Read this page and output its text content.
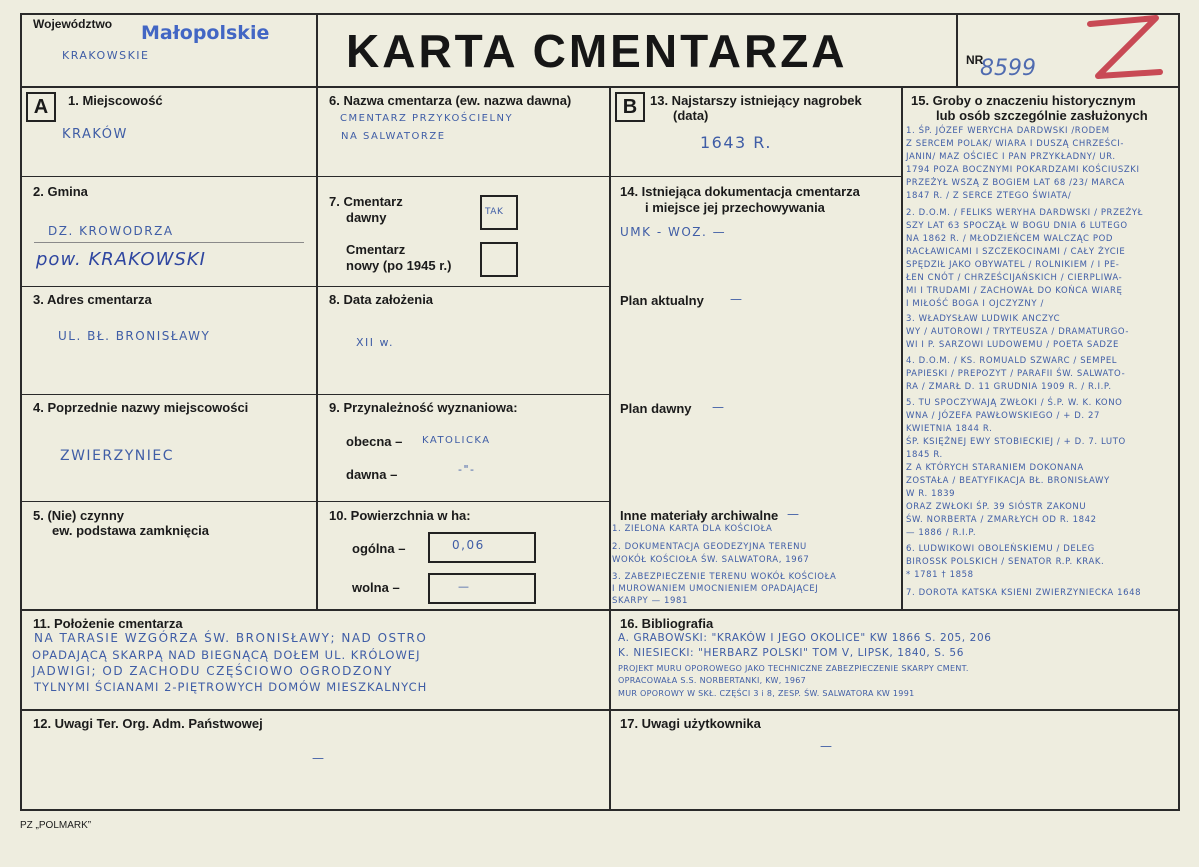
Województwo Małopolskie
KRAKOWSKIE	KARTA CMENTARZA	NR
8599
A	1. Miejscowość
KRAKÓW
2. Gmina
DZ. KROWODRZA
pow. KRAKOWSKI
3. Adres cmentarza
UL. BŁ. BRONISŁAWY
4. Poprzednie nazwy miejscowości
ZWIERZYNIEC
5. (Nie) czynny
ew. podstawa zamknięcia
6. Nazwa cmentarza (ew. nazwa dawna)
CMENTARZ PRZYKOŚCIELNY
NA SALWATORZE
7. Cmentarz
dawny	TAK
Cmentarz
nowy (po 1945 r.)
8. Data założenia
XII w.
9. Przynależność wyznaniowa:
obecna – KATOLICKA
dawna –	-"-
10. Powierzchnia w ha:
ogólna –	0,06
wolna –	—
B 13. Najstarszy istniejący nagrobek
(data)
1643 R.
14. Istniejąca dokumentacja cmentarza
i miejsce jej przechowywania
UMK - WOZ. —
Plan aktualny —
Plan dawny —
Inne materiały archiwalne —
1. ZIELONA KARTA DLA KOŚCIOŁA
2. DOKUMENTACJA GEODEZYJNA TERENU
WOKÓŁ KOŚCIOŁA ŚW. SALWATORA, 1967
3. ZABEZPIECZENIE TERENU WOKÓŁ KOŚCIOŁA
I MUROWANIEM UMOCNIENIEM OPADAJĄCEJ
SKARPY — 1981
15. Groby o znaczeniu historycznym
lub osób szczególnie zasłużonych
1. ŚP. JÓZEF WERYCHA DARDWSKI /RODEM
Z SERCEM POLAK/ WIARA I DUSZĄ CHRZEŚCI-
JANIN/ MAZ OŚCIEC I PAN PRZYKŁADNY/ UR.
1794 POZA BOCZNYMI POKARDZAMI KOŚCIUSZKI
PRZEŻYŁ WSZĄ Z BOGIEM LAT 68 /23/ MARCA
1847 R. / Z SERCE ZTEGO ŚWIATA/
2. D.O.M. / FELIKS WERYHA DARDWSKI / PRZEŻYŁ
SZY LAT 63 SPOCZĄŁ W BOGU DNIA 6 LUTEGO
NA 1862 R. / MŁODZIEŃCEM WALCZĄC POD
RACŁAWICAMI I SZCZEKOCINAMI / CAŁY ŻYCIE
SPĘDZIŁ JAKO OBYWATEL / ROLNIKIEM / I PE-
ŁEN CNÓT / CHRZEŚCIJAŃSKICH / CIERPLIWA-
MI I TRUDAMI / ZACHOWAŁ DO KOŃCA WIARĘ
I MIŁOŚĆ BOGA I OJCZYZNY /
3. WŁADYSŁAW LUDWIK ANCZYC
WY / AUTOROWI / TRYTEUSZA / DRAMATURGO-
WI I P. SARZOWI LUDOWEMU / POETA SADZE
4. D.O.M. / KS. ROMUALD SZWARC / SEMPEL
PAPIESKI / PREPOZYT / PARAFII ŚW. SALWATO-
RA / ZMARŁ D. 11 GRUDNIA 1909 R. / R.I.P.
5. TU SPOCZYWAJĄ ZWŁOKI / Ś.P. W. K. KONO
WNA / JÓZEFA PAWŁOWSKIEGO / + D. 27
KWIETNIA 1844 R.
ŚP. KSIĘŻNEJ EWY STOBIECKIEJ / + D. 7. LUTO
1845 R.
Z A KTÓRYCH STARANIEM DOKONANA
ZOSTAŁA / BEATYFIKACJA BŁ. BRONISŁAWY
W R. 1839
ORAZ ZWŁOKI ŚP. 39 SIÓSTR ZAKONU
ŚW. NORBERTA / ZMARŁYCH OD R. 1842
— 1886 / R.I.P.
6. LUDWIKOWI OBOLEŃSKIEMU / DELEG
BIROSSK POLSKICH / SENATOR R.P. KRAK.
* 1781 † 1858
7. DOROTA KATSKA KSIENI ZWIERZYNIECKA 1648
11. Położenie cmentarza
NA TARASIE WZGÓRZA ŚW. BRONISŁAWY; NAD OSTRO
OPADAJĄCĄ SKARPĄ NAD BIEGNĄCĄ DOŁEM UL. KRÓLOWEJ
JADWIGI; OD ZACHODU CZĘŚCIOWO OGRODZONY
TYLNYMI ŚCIANAMI 2-PIĘTROWYCH DOMÓW MIESZKALNYCH
16. Bibliografia
A. GRABOWSKI: "KRAKÓW I JEGO OKOLICE" KW 1866 S. 205, 206
K. NIESIECKI: "HERBARZ POLSKI" TOM V, LIPSK, 1840, S. 56
PROJEKT MURU OPOROWEGO JAKO TECHNICZNE ZABEZPIECZENIE SKARPY CMENT.
OPRACOWAŁA S.S. NORBERTANKI, KW, 1967
MUR OPOROWY W SKŁ. CZĘŚCI 3 i 8, ZESP. ŚW. SALWATORA KW 1991
12. Uwagi Ter. Org. Adm. Państwowej
—
17. Uwagi użytkownika
—
PZ „POLMARK”
